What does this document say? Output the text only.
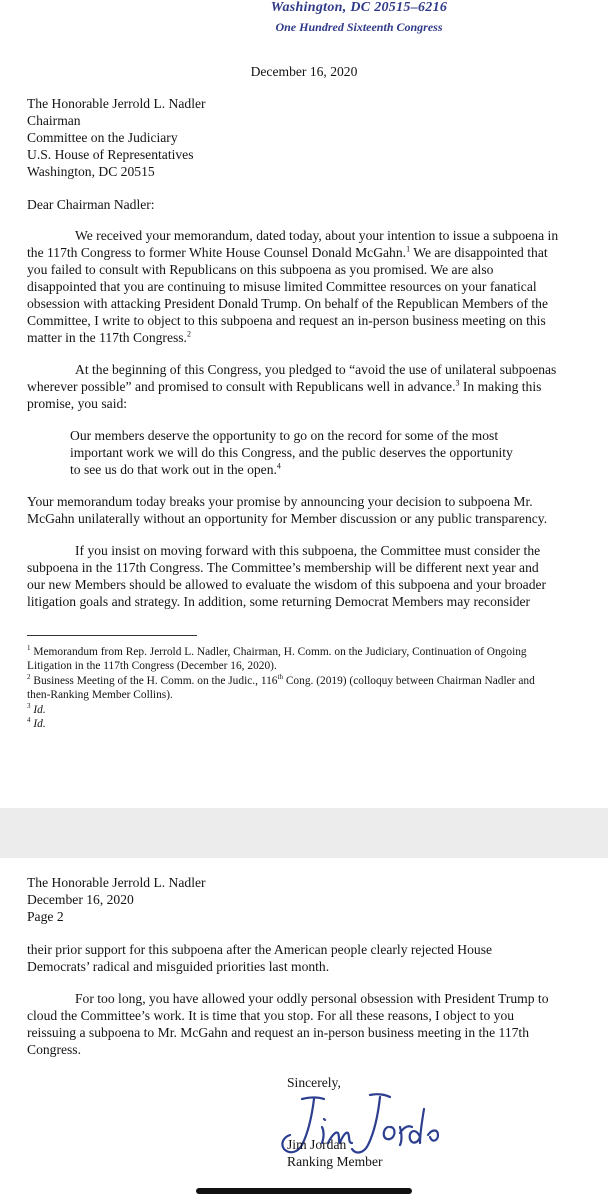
Washington, DC 20515–6216
One Hundred Sixteenth Congress
December 16, 2020
The Honorable Jerrold L. Nadler
Chairman
Committee on the Judiciary
U.S. House of Representatives
Washington, DC 20515
Dear Chairman Nadler:
We received your memorandum, dated today, about your intention to issue a subpoena in
the 117th Congress to former White House Counsel Donald McGahn.$^1$ We are disappointed that
you failed to consult with Republicans on this subpoena as you promised. We are also
disappointed that you are continuing to misuse limited Committee resources on your fanatical
obsession with attacking President Donald Trump. On behalf of the Republican Members of the
Committee, I write to object to this subpoena and request an in-person business meeting on this
matter in the 117th Congress.$^2$
At the beginning of this Congress, you pledged to “avoid the use of unilateral subpoenas
wherever possible” and promised to consult with Republicans well in advance.$^3$ In making this
promise, you said:
Our members deserve the opportunity to go on the record for some of the most
important work we will do this Congress, and the public deserves the opportunity
to see us do that work out in the open.$^4$
Your memorandum today breaks your promise by announcing your decision to subpoena Mr.
McGahn unilaterally without an opportunity for Member discussion or any public transparency.
If you insist on moving forward with this subpoena, the Committee must consider the
subpoena in the 117th Congress. The Committee’s membership will be different next year and
our new Members should be allowed to evaluate the wisdom of this subpoena and your broader
litigation goals and strategy. In addition, some returning Democrat Members may reconsider
$^1$ Memorandum from Rep. Jerrold L. Nadler, Chairman, H. Comm. on the Judiciary, Continuation of Ongoing
Litigation in the 117th Congress (December 16, 2020).
$^2$ Business Meeting of the H. Comm. on the Judic., 116th Cong. (2019) (colloquy between Chairman Nadler and
then-Ranking Member Collins).
$^3$ Id.
$^4$ Id.
The Honorable Jerrold L. Nadler
December 16, 2020
Page 2
their prior support for this subpoena after the American people clearly rejected House
Democrats’ radical and misguided priorities last month.
For too long, you have allowed your oddly personal obsession with President Trump to
cloud the Committee’s work. It is time that you stop. For all these reasons, I object to you
reissuing a subpoena to Mr. McGahn and request an in-person business meeting in the 117th
Congress.
Sincerely,
Jim Jordan
Ranking Member
